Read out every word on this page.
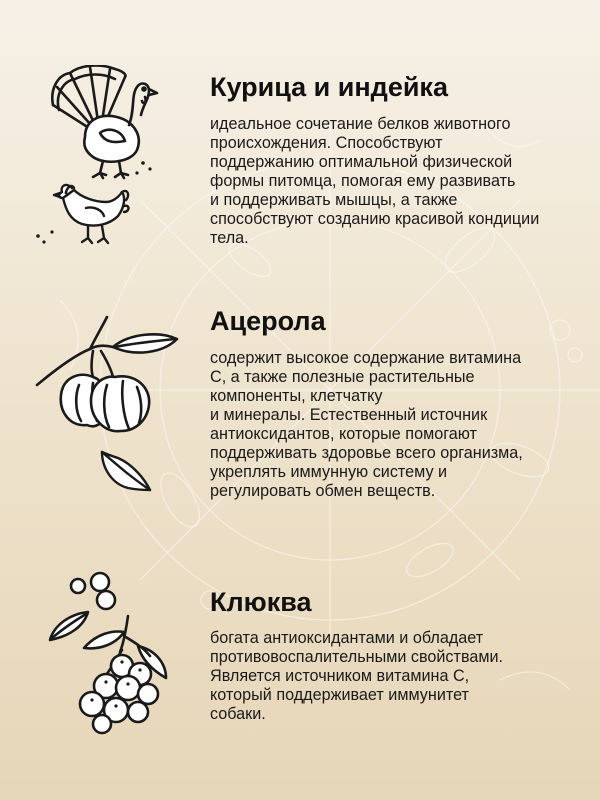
Курица и индейка

идеальное сочетание белков животного
происхождения. Способствуют
поддержанию оптимальной физической
формы питомца, помогая ему развивать
и поддерживать мышцы, а также
способствуют созданию красивой кондиции
тела.

Ацерола

содержит высокое содержание витамина
С, а также полезные растительные
компоненты, клетчатку
и минералы. Естественный источник
антиоксидантов, которые помогают
поддерживать здоровье всего организма,
укреплять иммунную систему и
регулировать обмен веществ.

Клюква

богата антиоксидантами и обладает
противовоспалительными свойствами.
Является источником витамина С,
который поддерживает иммунитет
собаки.
